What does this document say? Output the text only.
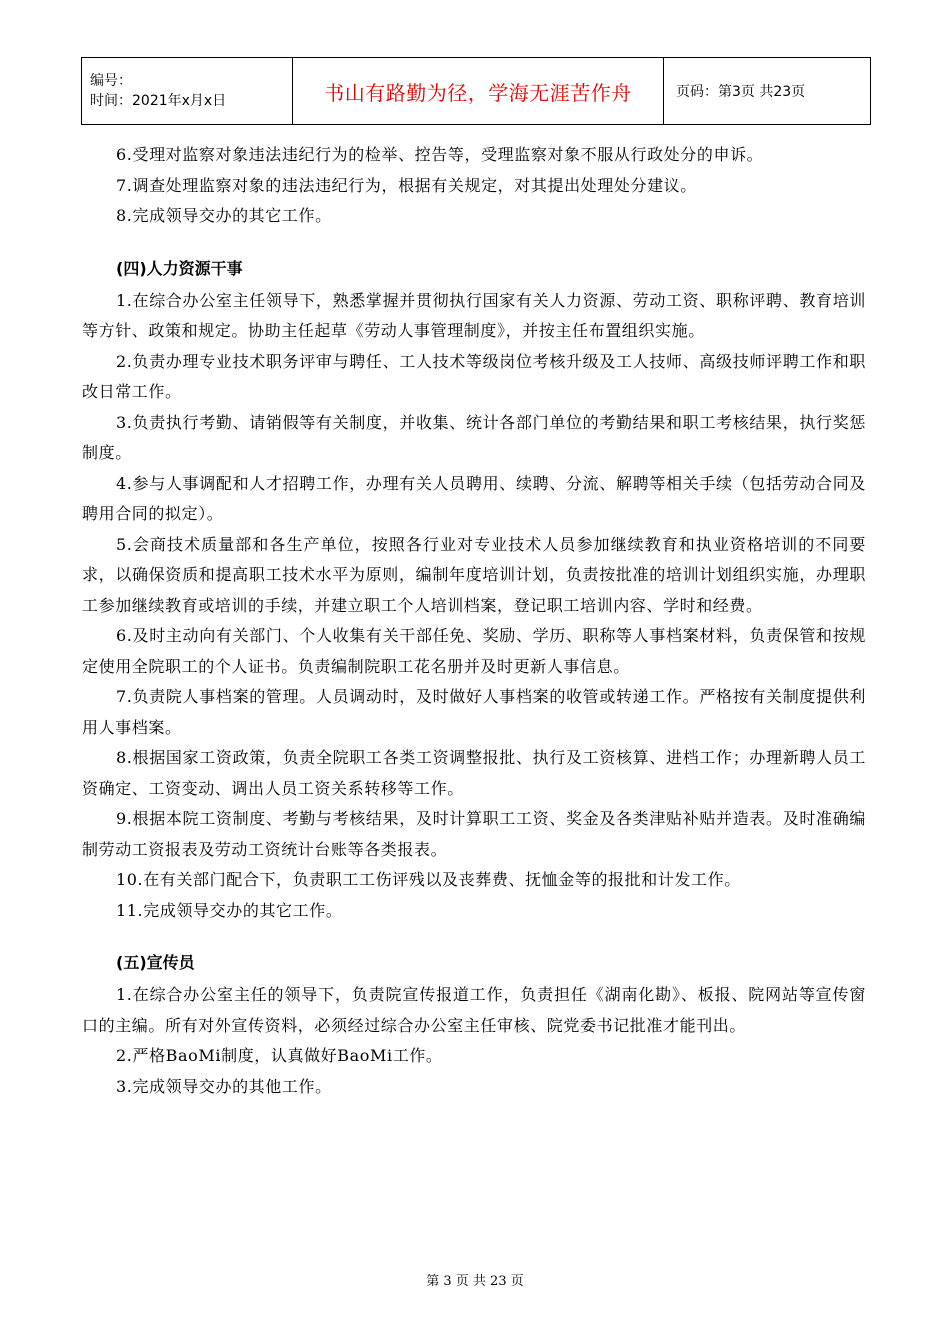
编号：
时间：2021年x月x日	书山有路勤为径，学海无涯苦作舟	页码：第3页 共23页

6.受理对监察对象违法违纪行为的检举、控告等，受理监察对象不服从行政处分的申诉。

7.调查处理监察对象的违法违纪行为，根据有关规定，对其提出处理处分建议。

8.完成领导交办的其它工作。

(四)人力资源干事

1.在综合办公室主任领导下，熟悉掌握并贯彻执行国家有关人力资源、劳动工资、职称评聘、教育培训等方针、政策和规定。协助主任起草《劳动人事管理制度》，并按主任布置组织实施。

2.负责办理专业技术职务评审与聘任、工人技术等级岗位考核升级及工人技师、高级技师评聘工作和职改日常工作。

3.负责执行考勤、请销假等有关制度，并收集、统计各部门单位的考勤结果和职工考核结果，执行奖惩制度。

4.参与人事调配和人才招聘工作，办理有关人员聘用、续聘、分流、解聘等相关手续（包括劳动合同及聘用合同的拟定）。

5.会商技术质量部和各生产单位，按照各行业对专业技术人员参加继续教育和执业资格培训的不同要求，以确保资质和提高职工技术水平为原则，编制年度培训计划，负责按批准的培训计划组织实施，办理职工参加继续教育或培训的手续，并建立职工个人培训档案，登记职工培训内容、学时和经费。

6.及时主动向有关部门、个人收集有关干部任免、奖励、学历、职称等人事档案材料，负责保管和按规定使用全院职工的个人证书。负责编制院职工花名册并及时更新人事信息。

7.负责院人事档案的管理。人员调动时，及时做好人事档案的收管或转递工作。严格按有关制度提供利用人事档案。

8.根据国家工资政策，负责全院职工各类工资调整报批、执行及工资核算、进档工作；办理新聘人员工资确定、工资变动、调出人员工资关系转移等工作。

9.根据本院工资制度、考勤与考核结果，及时计算职工工资、奖金及各类津贴补贴并造表。及时准确编制劳动工资报表及劳动工资统计台账等各类报表。

10.在有关部门配合下，负责职工工伤评残以及丧葬费、抚恤金等的报批和计发工作。

11.完成领导交办的其它工作。

(五)宣传员

1.在综合办公室主任的领导下，负责院宣传报道工作，负责担任《湖南化勘》、板报、院网站等宣传窗口的主编。所有对外宣传资料，必须经过综合办公室主任审核、院党委书记批准才能刊出。

2.严格BaoMi制度，认真做好BaoMi工作。

3.完成领导交办的其他工作。

第 3 页 共 23 页
